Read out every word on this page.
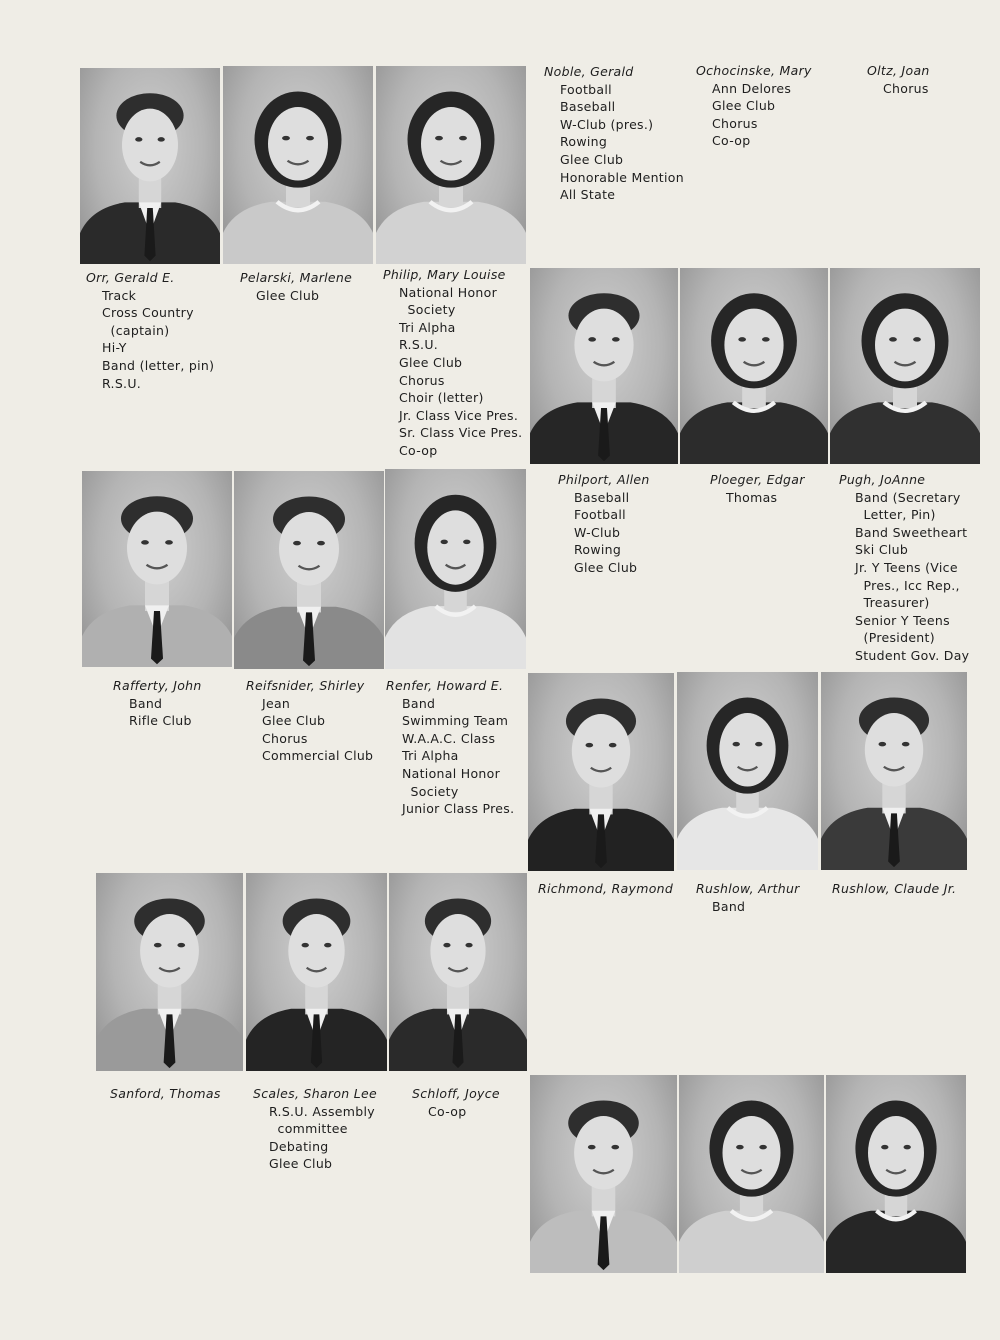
Noble, Gerald
Football
Baseball
W-Club (pres.)
Rowing
Glee Club
Honorable Mention
All State
Ochocinske, Mary
Ann Delores
Glee Club
Chorus
Co-op
Oltz, Joan
Chorus
Orr, Gerald E.
Track
Cross Country
(captain)
Hi-Y
Band (letter, pin)
R.S.U.
Pelarski, Marlene
Glee Club
Philip, Mary Louise
National Honor
Society
Tri Alpha
R.S.U.
Glee Club
Chorus
Choir (letter)
Jr. Class Vice Pres.
Sr. Class Vice Pres.
Co-op
Philport, Allen
Baseball
Football
W-Club
Rowing
Glee Club
Ploeger, Edgar
Thomas
Pugh, JoAnne
Band (Secretary
Letter, Pin)
Band Sweetheart
Ski Club
Jr. Y Teens (Vice
Pres., Icc Rep.,
Treasurer)
Senior Y Teens
(President)
Student Gov. Day
Rafferty, John
Band
Rifle Club
Reifsnider, Shirley
Jean
Glee Club
Chorus
Commercial Club
Renfer, Howard E.
Band
Swimming Team
W.A.A.C. Class
Tri Alpha
National Honor
Society
Junior Class Pres.
Richmond, Raymond Rushlow, Arthur
Band
Rushlow, Claude Jr.
Sanford, Thomas	Scales, Sharon Lee
R.S.U. Assembly
committee
Debating
Glee Club
Schloff, Joyce
Co-op
